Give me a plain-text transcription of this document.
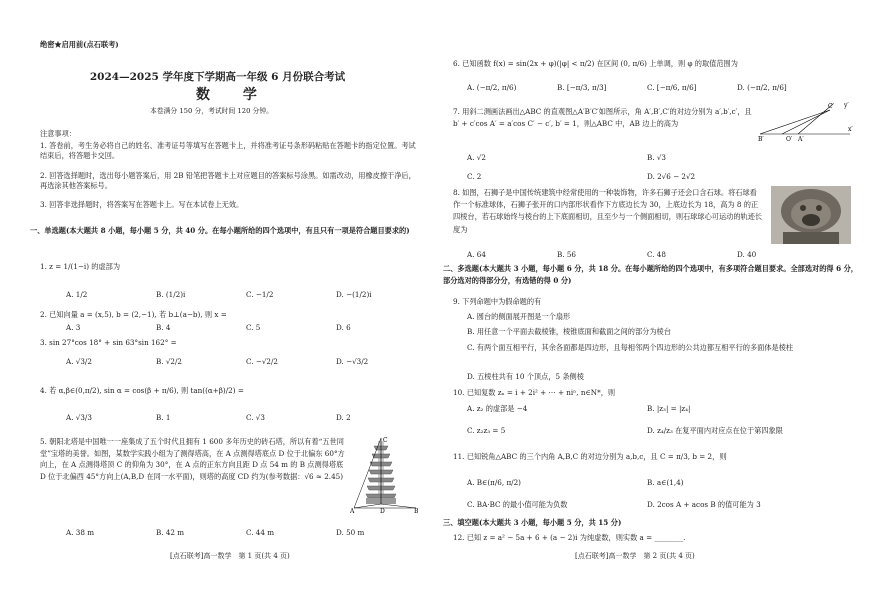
绝密★启用前(点石联考)
2024—2025 学年度下学期高一年级 6 月份联合考试
数 学
本卷满分 150 分，考试时间 120 分钟。
注意事项：
1. 答卷前，考生务必将自己的姓名、准考证号等填写在答题卡上，并将准考证号条形码粘贴在答题卡的指定位置。考试结束后，将答题卡交回。
2. 回答选择题时，选出每小题答案后，用 2B 铅笔把答题卡上对应题目的答案标号涂黑。如需改动，用橡皮擦干净后，再选涂其他答案标号。
3. 回答非选择题时，将答案写在答题卡上。写在本试卷上无效。
一、单选题(本大题共 8 小题，每小题 5 分，共 40 分。在每小题所给的四个选项中，有且只有一项是符合题目要求的)
1. z = 1/(1−i) 的虚部为
A. 1/2	B. (1/2)i	C. −1/2	D. −(1/2)i
2. 已知向量 a = (x,5), b = (2,−1), 若 b⊥(a−b), 则 x =
A. 3	B. 4	C. 5	D. 6
3. sin 27°cos 18° + sin 63°sin 162° =
A. √3/2	B. √2/2	C. −√2/2	D. −√3/2
4. 若 α,β∈(0,π/2), sin α = cos(β + π/6), 则 tan((α+β)/2) =
A. √3/3	B. 1	C. √3	D. 2
5. 朝阳北塔是中国唯一一座集成了五个时代且拥有 1 600 多年历史的砖石塔，所以有着“五世同堂”宝塔的美誉。如图，某数学实践小组为了测得塔高，在 A 点测得塔底点 D 位于北偏东 60°方向上，在 A 点测得塔顶 C 的仰角为 30°，在 A 点的正东方向且距 D 点 54 m 的 B 点测得塔底 D 位于北偏西 45°方向上(A,B,D 在同一水平面)，则塔的高度 CD 约为(参考数据：√6 ≈ 2.45)
A. 38 m	B. 42 m	C. 44 m	D. 50 m
A	B
D
C
[点石联考]高一数学　第 1 页(共 4 页)
6. 已知函数 f(x) = sin(2x + φ)(|φ| < π/2) 在区间 (0, π/6) 上单调，则 φ 的取值范围为
A. (−π/2, π/6)	B. [−π/3, π/3]	C. [−π/6, π/6]	D. (−π/2, π/6]
7. 用斜二测画法画出△ABC 的直观图△A′B′C′如图所示，角 A′,B′,C′的对边分别为 a′,b′,c′，且 b′ + c′cos A′ = a′cos C′ − c′, b′ = 1，则△ABC 中，AB 边上的高为
A. √2	B. √3
C. 2	D. 2√6 − 2√2
C′ y′
x′
B′	O′ A′
8. 如图，石狮子是中国传统建筑中经常使用的一种装饰物，许多石狮子还会口含石球。将石球看作一个标准球体，石狮子张开的口内部形状看作下方底边长为 30，上底边长为 18，高为 8 的正四棱台，若石球始终与棱台的上下底面相切，且至少与一个侧面相切，则石球球心可运动的轨迹长度为
A. 64	B. 56	C. 48	D. 40
二、多选题(本大题共 3 小题，每小题 6 分，共 18 分。在每小题所给的四个选项中，有多项符合题目要求。全部选对的得 6 分，部分选对的得部分分，有选错的得 0 分)
9. 下列命题中为假命题的有
A. 圆台的侧面展开图是一个扇形
B. 用任意一个平面去截棱锥，棱锥底面和截面之间的部分为棱台
C. 有两个面互相平行，其余各面都是四边形，且每相邻两个四边形的公共边都互相平行的多面体是棱柱
D. 五棱柱共有 10 个顶点，5 条侧棱
10. 已知复数 zₙ = i + 2i² + ⋯ + niⁿ, n∈N*，则
A. z₂ 的虚部是 −4	B. |z₃| = |z₄|
C. z₂z₃ = 5	D. z₄/z₃ 在复平面内对应点在位于第四象限
11. 已知锐角△ABC 的三个内角 A,B,C 的对边分别为 a,b,c，且 C = π/3, b = 2，则
A. B∈(π/6, π/2)	B. a∈(1,4)
C. BA·BC 的最小值可能为负数	D. 2cos A + acos B 的值可能为 3
三、填空题(本大题共 3 小题，每小题 5 分，共 15 分)
12. 已知 z = a² − 5a + 6 + (a − 2)i 为纯虚数，则实数 a = ________.
[点石联考]高一数学　第 2 页(共 4 页)
